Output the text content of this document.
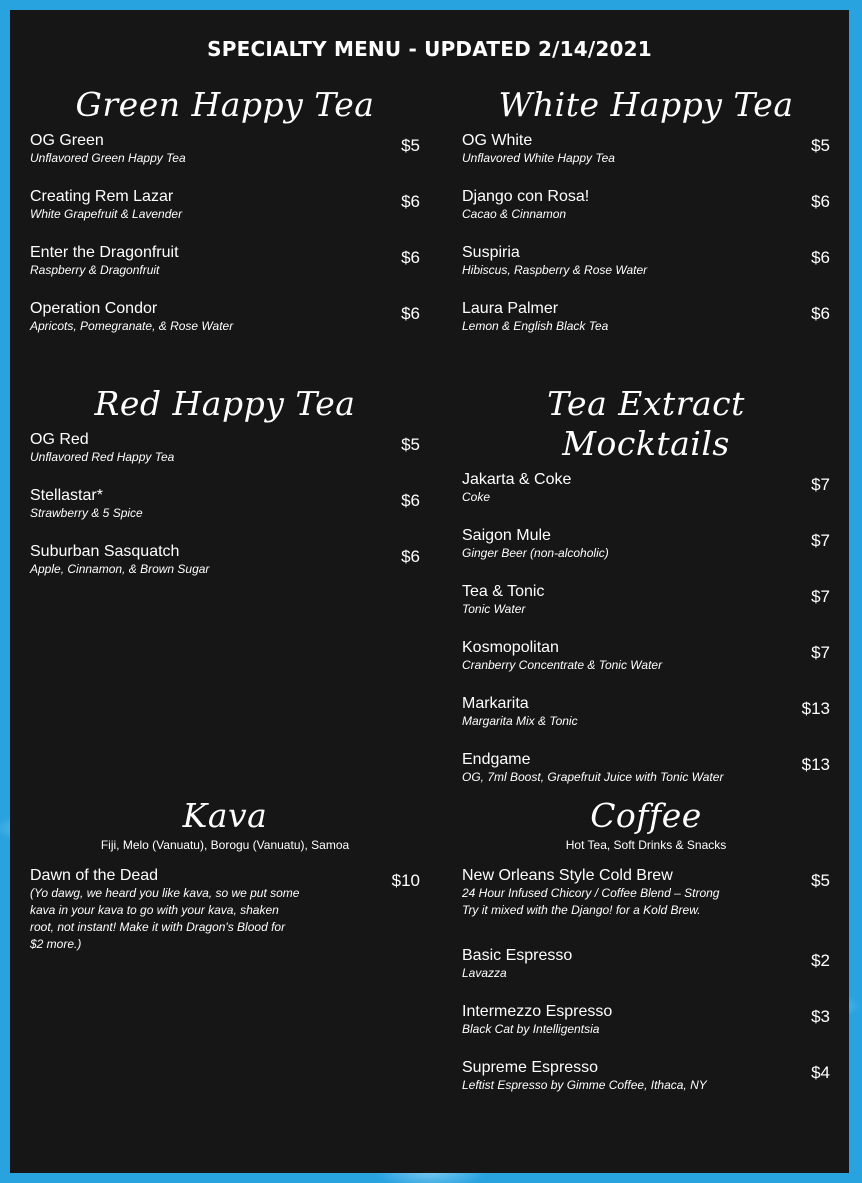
SPECIALTY MENU - UPDATED 2/14/2021
Green Happy Tea
OG Green
Unflavored Green Happy Tea
$5
Creating Rem Lazar
White Grapefruit & Lavender
$6
Enter the Dragonfruit
Raspberry & Dragonfruit
$6
Operation Condor
Apricots, Pomegranate, & Rose Water
$6
White Happy Tea
OG White
Unflavored White Happy Tea
$5
Django con Rosa!
Cacao & Cinnamon
$6
Suspiria
Hibiscus, Raspberry & Rose Water
$6
Laura Palmer
Lemon & English Black Tea
$6
Red Happy Tea
OG Red
Unflavored Red Happy Tea
$5
Stellastar*
Strawberry & 5 Spice
$6
Suburban Sasquatch
Apple, Cinnamon, & Brown Sugar
$6
Tea Extract Mocktails
Jakarta & Coke
Coke
$7
Saigon Mule
Ginger Beer (non-alcoholic)
$7
Tea & Tonic
Tonic Water
$7
Kosmopolitan
Cranberry Concentrate & Tonic Water
$7
Markarita
Margarita Mix & Tonic
$13
Endgame
OG, 7ml Boost, Grapefruit Juice with Tonic Water
$13
Kava
Fiji, Melo (Vanuatu), Borogu (Vanuatu), Samoa
Dawn of the Dead
(Yo dawg, we heard you like kava, so we put some kava in your kava to go with your kava, shaken root, not instant! Make it with Dragon's Blood for $2 more.)
$10
Coffee
Hot Tea, Soft Drinks & Snacks
New Orleans Style Cold Brew
24 Hour Infused Chicory / Coffee Blend – Strong Try it mixed with the Django! for a Kold Brew.
$5
Basic Espresso
Lavazza
$2
Intermezzo Espresso
Black Cat by Intelligentsia
$3
Supreme Espresso
Leftist Espresso by Gimme Coffee, Ithaca, NY
$4
